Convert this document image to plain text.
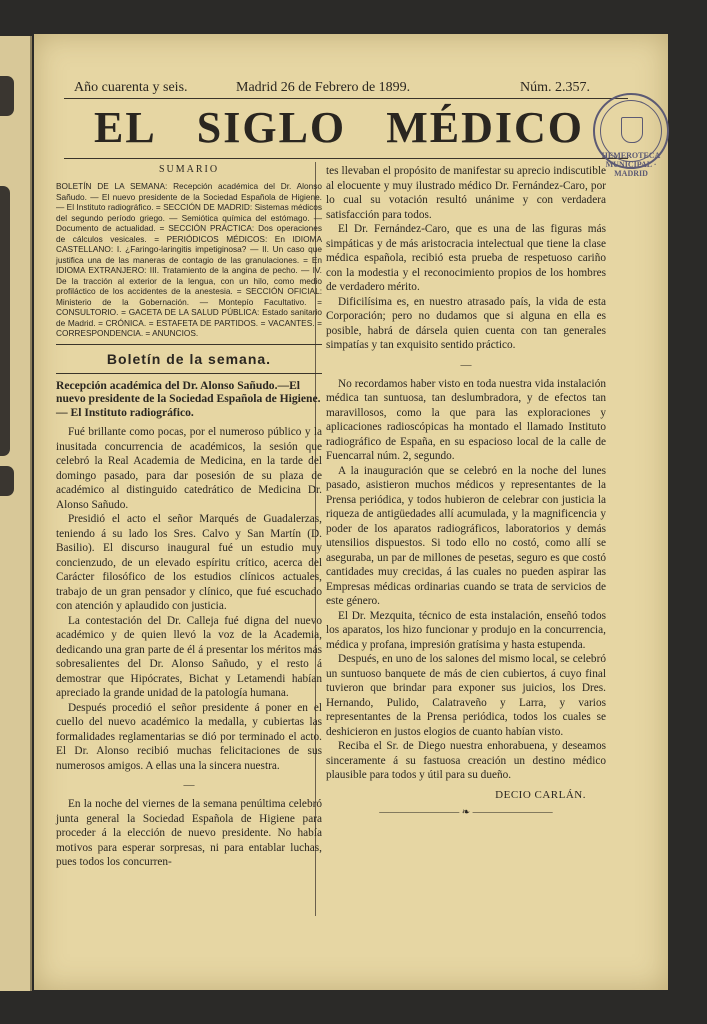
Año cuarenta y seis.	Madrid 26 de Febrero de 1899.	Núm. 2.357.
EL SIGLO MÉDICO
HEMEROTECA MUNICIPAL · MADRID
SUMARIO
BOLETÍN DE LA SEMANA: Recepción académica del Dr. Alonso Sañudo. — El nuevo presidente de la Sociedad Española de Higiene. — El Instituto radiográfico. = SECCIÓN DE MADRID: Sistemas médicos del segundo período griego. — Semiótica química del estómago. — Documento de actualidad. = SECCIÓN PRÁCTICA: Dos operaciones de cálculos vesicales. = PERIÓDICOS MÉDICOS: En IDIOMA CASTELLANO: I. ¿Faringo-laringitis impetiginosa? — II. Un caso que justifica una de las maneras de contagio de las granulaciones. = En IDIOMA EXTRANJERO: III. Tratamiento de la angina de pecho. — IV. De la tracción al exterior de la lengua, con un hilo, como medio profiláctico de los accidentes de la anestesia. = SECCIÓN OFICIAL: Ministerio de la Gobernación. — Montepío Facultativo. = CONSULTORIO. = GACETA DE LA SALUD PÚBLICA: Estado sanitario de Madrid. = CRÓNICA. = ESTAFETA DE PARTIDOS. = VACANTES. = CORRESPONDENCIA. = ANUNCIOS.
Boletín de la semana.
Recepción académica del Dr. Alonso Sañudo.—El nuevo presidente de la Sociedad Española de Higiene. — El Instituto radiográfico.

Fué brillante como pocas, por el numeroso público y la inusitada concurrencia de académicos, la sesión que celebró la Real Academia de Medicina, en la tarde del domingo pasado, para dar posesión de su plaza de académico al distinguido catedrático de Medicina Dr. Alonso Sañudo.

Presidió el acto el señor Marqués de Guadalerzas, teniendo á su lado los Sres. Calvo y San Martín (D. Basilio). El discurso inaugural fué un estudio muy concienzudo, de un elevado espíritu crítico, acerca del Carácter filosófico de los estudios clínicos actuales, trabajo de un gran pensador y clínico, que fué escuchado con atención y aplaudido con justicia.

La contestación del Dr. Calleja fué digna del nuevo académico y de quien llevó la voz de la Academia, dedicando una gran parte de él á presentar los méritos más sobresalientes del Dr. Alonso Sañudo, y el resto á demostrar que Hipócrates, Bichat y Letamendi habían apreciado la grande unidad de la patología humana.

Después procedió el señor presidente á poner en el cuello del nuevo académico la medalla, y cubiertas las formalidades reglamentarias se dió por terminado el acto. El Dr. Alonso recibió muchas felicitaciones de sus numerosos amigos. A ellas una la sincera nuestra.

—

En la noche del viernes de la semana penúltima celebró junta general la Sociedad Española de Higiene para proceder á la elección de nuevo presidente. No había motivos para esperar sorpresas, ni para entablar luchas, pues todos los concurren-

tes llevaban el propósito de manifestar su aprecio indiscutible al elocuente y muy ilustrado médico Dr. Fernández-Caro, por lo cual su votación resultó unánime y con verdadera satisfacción para todos.

El Dr. Fernández-Caro, que es una de las figuras más simpáticas y de más aristocracia intelectual que tiene la clase médica española, recibió esta prueba de respetuoso cariño con la modestia y el reconocimiento propios de los hombres de verdadero mérito.

Dificilísima es, en nuestro atrasado país, la vida de esta Corporación; pero no dudamos que si alguna en ella es posible, habrá de dársela quien cuenta con tan generales simpatías y tan exquisito sentido práctico.

—

No recordamos haber visto en toda nuestra vida instalación médica tan suntuosa, tan deslumbradora, y de efectos tan maravillosos, como la que para las exploraciones y aplicaciones radioscópicas ha montado el llamado Instituto radiográfico de España, en su espacioso local de la calle de Fuencarral núm. 2, segundo.

A la inauguración que se celebró en la noche del lunes pasado, asistieron muchos médicos y representantes de la Prensa periódica, y todos hubieron de celebrar con justicia la riqueza de antigüedades allí acumulada, y la magnificencia y poder de los aparatos radiográficos, laboratorios y demás utensilios dispuestos. Si todo ello no costó, como allí se aseguraba, un par de millones de pesetas, seguro es que costó cantidades muy crecidas, á las cuales no pueden aspirar las Empresas médicas ordinarias cuando se trata de servicios de este género.

El Dr. Mezquita, técnico de esta instalación, enseñó todos los aparatos, los hizo funcionar y produjo en la concurrencia, médica y profana, impresión gratísima y hasta estupenda.

Después, en uno de los salones del mismo local, se celebró un suntuoso banquete de más de cien cubiertos, á cuyo final tuvieron que brindar para exponer sus juicios, los Dres. Hernando, Pulido, Calatraveño y Larra, y varios representantes de la Prensa periódica, todos los cuales se deshicieron en justos elogios de cuanto habían visto.

Reciba el Sr. de Diego nuestra enhorabuena, y deseamos sinceramente á su fastuosa creación un destino médico plausible para todos y útil para su dueño.

DECIO CARLÁN.
———————— ❧ ————————
